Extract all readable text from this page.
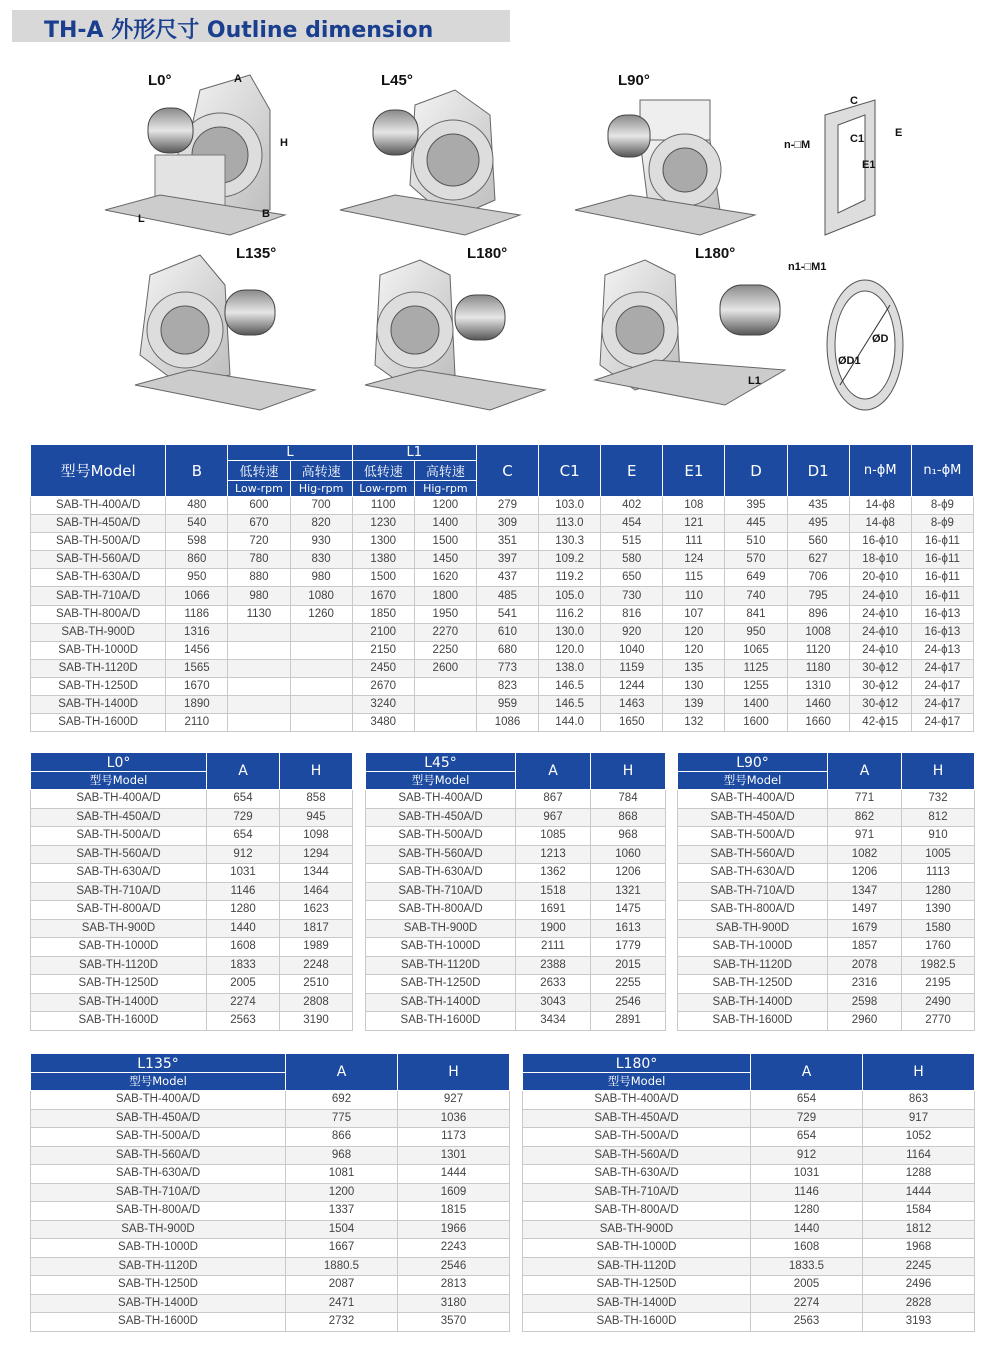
TH-A 外形尺寸 Outline dimension
L0°	L45°	L90°
L135°	L180°	L180°
A
H
B
L
L1
n-□M
C
C1	E
E1
n1-□M1
ØD
ØD1
型号Model	B	L		L1		C	C1	E	E1	D	D1	n-ϕM	n₁-ϕM
		低转速	高转速	低转速	高转速								
		Low-rpm	Hig-rpm	Low-rpm	Hig-rpm								
SAB-TH-400A/D	480	600	700	1100	1200	279	103.0	402	108	395	435	14-ϕ8	8-ϕ9
SAB-TH-450A/D	540	670	820	1230	1400	309	113.0	454	121	445	495	14-ϕ8	8-ϕ9
SAB-TH-500A/D	598	720	930	1300	1500	351	130.3	515	111	510	560	16-ϕ10	16-ϕ11
SAB-TH-560A/D	860	780	830	1380	1450	397	109.2	580	124	570	627	18-ϕ10	16-ϕ11
SAB-TH-630A/D	950	880	980	1500	1620	437	119.2	650	115	649	706	20-ϕ10	16-ϕ11
SAB-TH-710A/D	1066	980	1080	1670	1800	485	105.0	730	110	740	795	24-ϕ10	16-ϕ11
SAB-TH-800A/D	1186	1130	1260	1850	1950	541	116.2	816	107	841	896	24-ϕ10	16-ϕ13
SAB-TH-900D	1316			2100	2270	610	130.0	920	120	950	1008	24-ϕ10	16-ϕ13
SAB-TH-1000D	1456			2150	2250	680	120.0	1040	120	1065	1120	24-ϕ10	24-ϕ13
SAB-TH-1120D	1565			2450	2600	773	138.0	1159	135	1125	1180	30-ϕ12	24-ϕ17
SAB-TH-1250D	1670			2670		823	146.5	1244	130	1255	1310	30-ϕ12	24-ϕ17
SAB-TH-1400D	1890			3240		959	146.5	1463	139	1400	1460	30-ϕ12	24-ϕ17
SAB-TH-1600D	2110			3480		1086	144.0	1650	132	1600	1660	42-ϕ15	24-ϕ17
L0°
型号Model	A	H
SAB-TH-400A/D	654	858
SAB-TH-450A/D	729	945
SAB-TH-500A/D	654	1098
SAB-TH-560A/D	912	1294
SAB-TH-630A/D	1031	1344
SAB-TH-710A/D	1146	1464
SAB-TH-800A/D	1280	1623
SAB-TH-900D	1440	1817
SAB-TH-1000D	1608	1989
SAB-TH-1120D	1833	2248
SAB-TH-1250D	2005	2510
SAB-TH-1400D	2274	2808
SAB-TH-1600D	2563	3190
L45°
型号Model	A	H
SAB-TH-400A/D	867	784
SAB-TH-450A/D	967	868
SAB-TH-500A/D	1085	968
SAB-TH-560A/D	1213	1060
SAB-TH-630A/D	1362	1206
SAB-TH-710A/D	1518	1321
SAB-TH-800A/D	1691	1475
SAB-TH-900D	1900	1613
SAB-TH-1000D	2111	1779
SAB-TH-1120D	2388	2015
SAB-TH-1250D	2633	2255
SAB-TH-1400D	3043	2546
SAB-TH-1600D	3434	2891
L90°
型号Model	A	H
SAB-TH-400A/D	771	732
SAB-TH-450A/D	862	812
SAB-TH-500A/D	971	910
SAB-TH-560A/D	1082	1005
SAB-TH-630A/D	1206	1113
SAB-TH-710A/D	1347	1280
SAB-TH-800A/D	1497	1390
SAB-TH-900D	1679	1580
SAB-TH-1000D	1857	1760
SAB-TH-1120D	2078	1982.5
SAB-TH-1250D	2316	2195
SAB-TH-1400D	2598	2490
SAB-TH-1600D	2960	2770
L135°
型号Model	A	H
SAB-TH-400A/D	692	927
SAB-TH-450A/D	775	1036
SAB-TH-500A/D	866	1173
SAB-TH-560A/D	968	1301
SAB-TH-630A/D	1081	1444
SAB-TH-710A/D	1200	1609
SAB-TH-800A/D	1337	1815
SAB-TH-900D	1504	1966
SAB-TH-1000D	1667	2243
SAB-TH-1120D	1880.5	2546
SAB-TH-1250D	2087	2813
SAB-TH-1400D	2471	3180
SAB-TH-1600D	2732	3570
L180°
型号Model	A	H
SAB-TH-400A/D	654	863
SAB-TH-450A/D	729	917
SAB-TH-500A/D	654	1052
SAB-TH-560A/D	912	1164
SAB-TH-630A/D	1031	1288
SAB-TH-710A/D	1146	1444
SAB-TH-800A/D	1280	1584
SAB-TH-900D	1440	1812
SAB-TH-1000D	1608	1968
SAB-TH-1120D	1833.5	2245
SAB-TH-1250D	2005	2496
SAB-TH-1400D	2274	2828
SAB-TH-1600D	2563	3193
